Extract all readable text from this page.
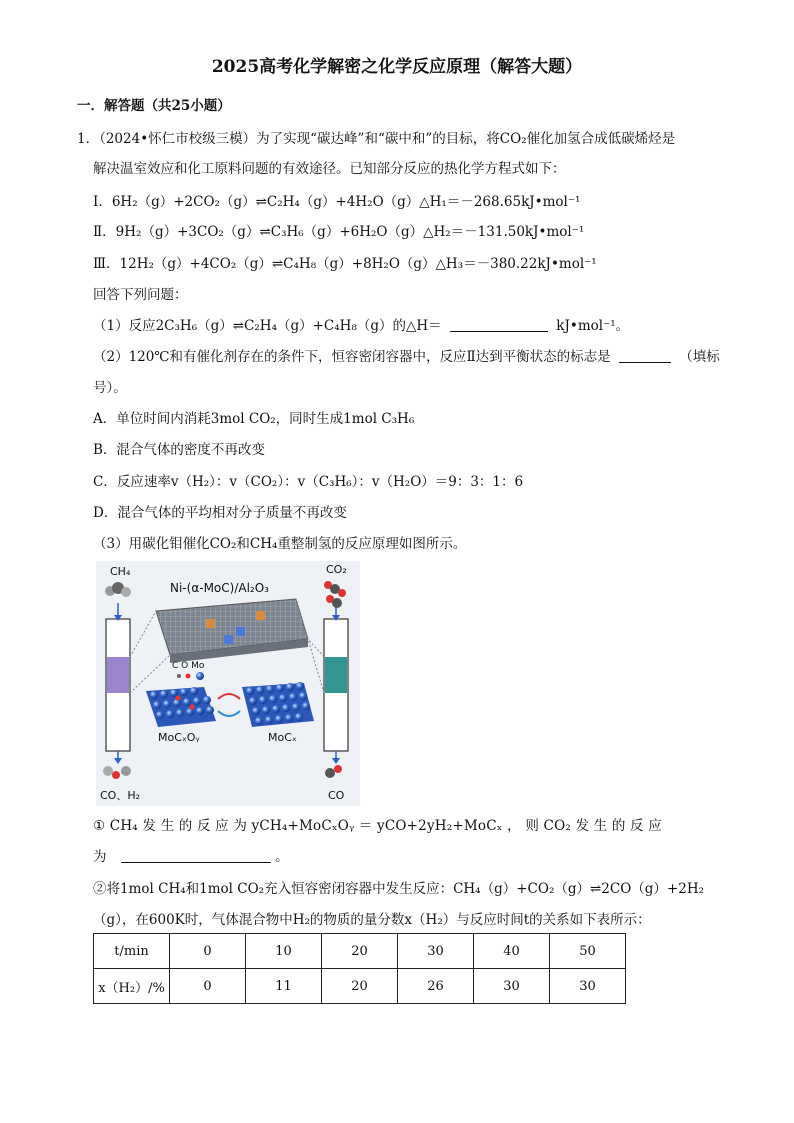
2025高考化学解密之化学反应原理（解答大题）
一．解答题（共25小题）
1．（2024•怀仁市校级三模）为了实现“碳达峰”和“碳中和”的目标，将CO₂催化加氢合成低碳烯烃是
解决温室效应和化工原料问题的有效途径。已知部分反应的热化学方程式如下：
Ⅰ．6H₂（g）+2CO₂（g）⇌C₂H₄（g）+4H₂O（g）△H₁＝－268.65kJ•mol⁻¹
Ⅱ．9H₂（g）+3CO₂（g）⇌C₃H₆（g）+6H₂O（g）△H₂＝－131.50kJ•mol⁻¹
Ⅲ．12H₂（g）+4CO₂（g）⇌C₄H₈（g）+8H₂O（g）△H₃＝－380.22kJ•mol⁻¹
回答下列问题：
（1）反应2C₃H₆（g）⇌C₂H₄（g）+C₄H₈（g）的△H＝	kJ•mol⁻¹。
（2）120℃和有催化剂存在的条件下，恒容密闭容器中，反应Ⅱ达到平衡状态的标志是	（填标
号）。
A．单位时间内消耗3mol CO₂，同时生成1mol C₃H₆
B．混合气体的密度不再改变
C．反应速率v（H₂）：v（CO₂）：v（C₃H₆）：v（H₂O）＝9：3：1：6
D．混合气体的平均相对分子质量不再改变
（3）用碳化钼催化CO₂和CH₄重整制氢的反应原理如图所示。
CH₄	CO₂
Ni-(α-MoC)/Al₂O₃
C O Mo
MoCₓOᵧ	MoCₓ
CO、H₂	CO
① CH₄ 发 生 的 反 应 为 yCH₄+MoCₓOᵧ ＝ yCO+2yH₂+MoCₓ ， 则 CO₂ 发 生 的 反 应
为	。
②将1mol CH₄和1mol CO₂充入恒容密闭容器中发生反应：CH₄（g）+CO₂（g）⇌2CO（g）+2H₂
（g），在600K时，气体混合物中H₂的物质的量分数x（H₂）与反应时间t的关系如下表所示：
t/min	0	10	20	30	40	50
x（H₂）/%	0	11	20	26	30	30
